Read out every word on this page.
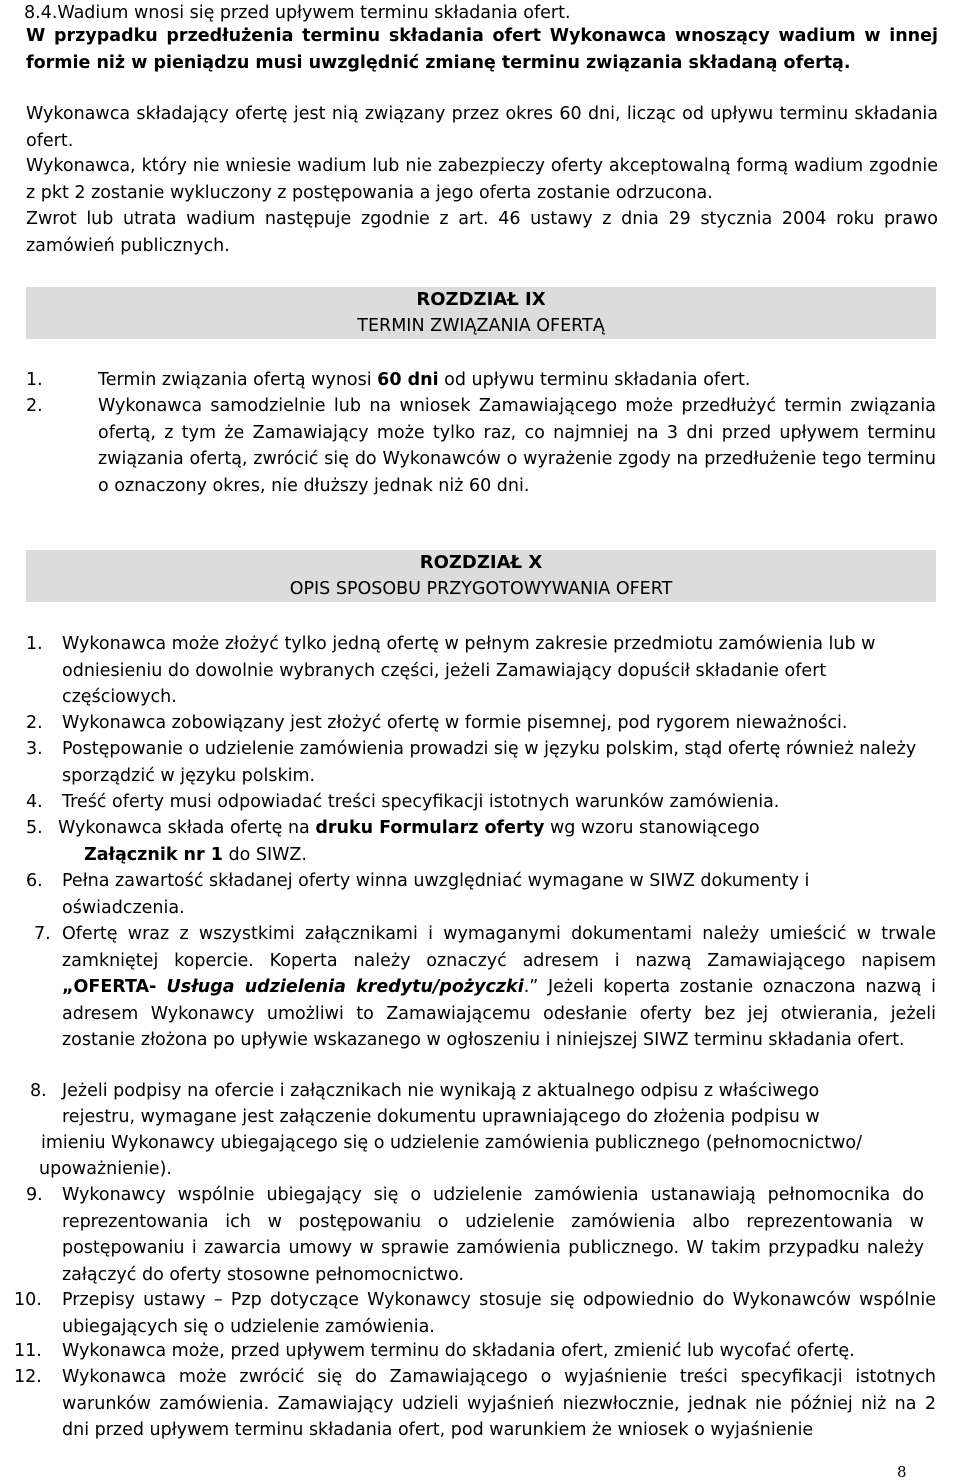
8.4.Wadium wnosi się przed upływem terminu składania ofert.
W przypadku przedłużenia terminu składania ofert Wykonawca wnoszący wadium w innej formie niż w pieniądzu musi uwzględnić zmianę terminu związania składaną ofertą.
Wykonawca składający ofertę jest nią związany przez okres 60 dni, licząc od upływu terminu składania ofert.
Wykonawca, który nie wniesie wadium lub nie zabezpieczy oferty akceptowalną formą wadium zgodnie z pkt 2 zostanie wykluczony z postępowania a jego oferta zostanie odrzucona.
Zwrot lub utrata wadium następuje zgodnie z art. 46 ustawy z dnia 29 stycznia 2004 roku prawo zamówień publicznych.
ROZDZIAŁ IX
TERMIN ZWIĄZANIA OFERTĄ
1.	Termin związania ofertą wynosi 60 dni od upływu terminu składania ofert.
2.	Wykonawca samodzielnie lub na wniosek Zamawiającego może przedłużyć termin związania ofertą, z tym że Zamawiający może tylko raz, co najmniej na 3 dni przed upływem terminu związania ofertą, zwrócić się do Wykonawców o wyrażenie zgody na przedłużenie tego terminu o oznaczony okres, nie dłuższy jednak niż 60 dni.
ROZDZIAŁ X
OPIS SPOSOBU PRZYGOTOWYWANIA OFERT
1. Wykonawca może złożyć tylko jedną ofertę w pełnym zakresie przedmiotu zamówienia lub w odniesieniu do dowolnie wybranych części, jeżeli Zamawiający dopuścił składanie ofert częściowych.
2. Wykonawca zobowiązany jest złożyć ofertę w formie pisemnej, pod rygorem nieważności.
3. Postępowanie o udzielenie zamówienia prowadzi się w języku polskim, stąd ofertę również należy sporządzić w języku polskim.
4. Treść oferty musi odpowiadać treści specyfikacji istotnych warunków zamówienia.
5. Wykonawca składa ofertę na druku Formularz oferty wg wzoru stanowiącego
Załącznik nr 1 do SIWZ.
6. Pełna zawartość składanej oferty winna uwzględniać wymagane w SIWZ dokumenty i oświadczenia.
7. Ofertę wraz z wszystkimi załącznikami i wymaganymi dokumentami należy umieścić w trwale zamkniętej kopercie. Koperta należy oznaczyć adresem i nazwą Zamawiającego napisem „OFERTA- Usługa udzielenia kredytu/pożyczki.” Jeżeli koperta zostanie oznaczona nazwą i adresem Wykonawcy umożliwi to Zamawiającemu odesłanie oferty bez jej otwierania, jeżeli zostanie złożona po upływie wskazanego w ogłoszeniu i niniejszej SIWZ terminu składania ofert.
8. Jeżeli podpisy na ofercie i załącznikach nie wynikają z aktualnego odpisu z właściwego
rejestru, wymagane jest załączenie dokumentu uprawniającego do złożenia podpisu w
imieniu Wykonawcy ubiegającego się o udzielenie zamówienia publicznego (pełnomocnictwo/
upoważnienie).
9. Wykonawcy wspólnie ubiegający się o udzielenie zamówienia ustanawiają pełnomocnika do reprezentowania ich w postępowaniu o udzielenie zamówienia albo reprezentowania w postępowaniu i zawarcia umowy w sprawie zamówienia publicznego. W takim przypadku należy załączyć do oferty stosowne pełnomocnictwo.
10. Przepisy ustawy – Pzp dotyczące Wykonawcy stosuje się odpowiednio do Wykonawców wspólnie ubiegających się o udzielenie zamówienia.
11. Wykonawca może, przed upływem terminu do składania ofert, zmienić lub wycofać ofertę.
12. Wykonawca może zwrócić się do Zamawiającego o wyjaśnienie treści specyfikacji istotnych warunków zamówienia. Zamawiający udzieli wyjaśnień niezwłocznie, jednak nie później niż na 2 dni przed upływem terminu składania ofert, pod warunkiem że wniosek o wyjaśnienie
8
